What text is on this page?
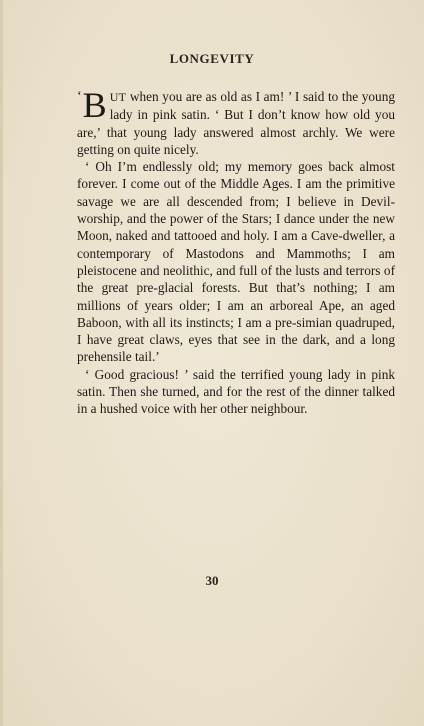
LONGEVITY

‘ B UT when you are as old as I am! ’ I said to the young lady in pink satin. ‘ But I don’t know how old you are,’ that young lady answered almost archly. We were getting on quite nicely.

‘ Oh I’m endlessly old; my memory goes back almost forever. I come out of the Middle Ages. I am the primitive savage we are all descended from; I believe in Devil-worship, and the power of the Stars; I dance under the new Moon, naked and tattooed and holy. I am a Cave-dweller, a contemporary of Mastodons and Mammoths; I am pleistocene and neolithic, and full of the lusts and terrors of the great pre-glacial forests. But that’s nothing; I am millions of years older; I am an arboreal Ape, an aged Baboon, with all its instincts; I am a pre-simian quadruped, I have great claws, eyes that see in the dark, and a long prehensile tail.’

‘ Good gracious! ’ said the terrified young lady in pink satin. Then she turned, and for the rest of the dinner talked in a hushed voice with her other neighbour.

30
